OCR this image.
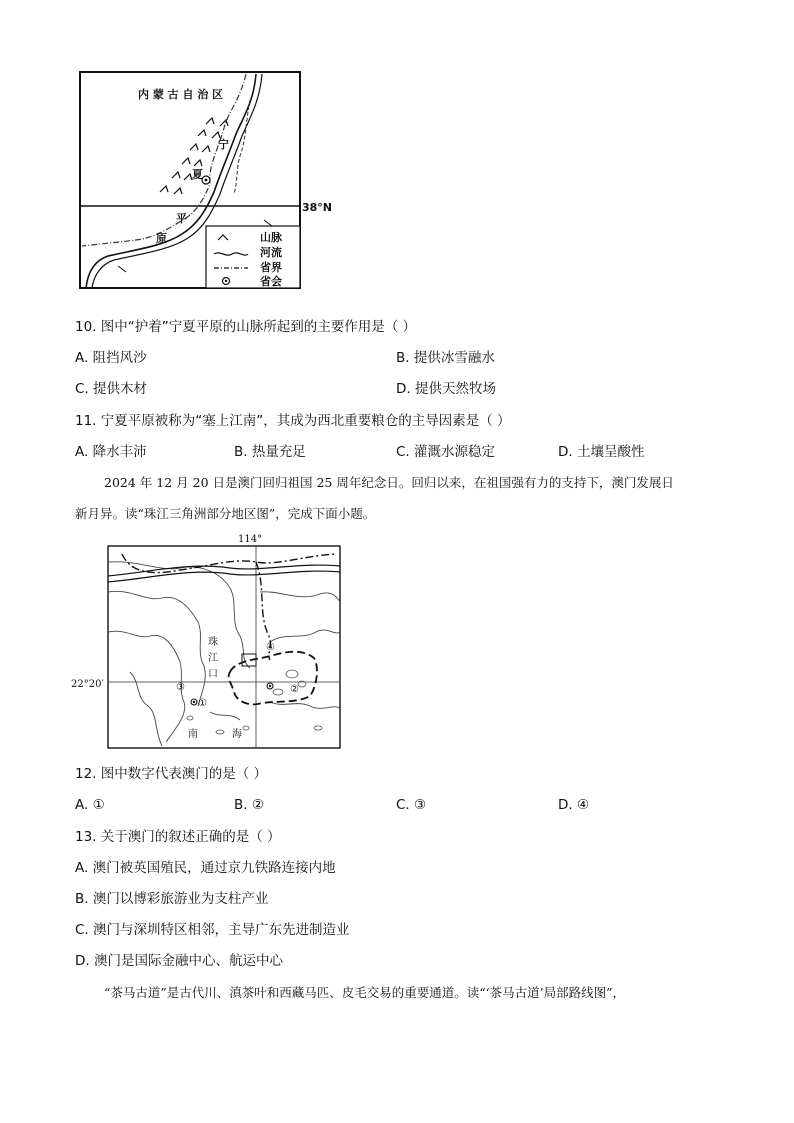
内 蒙 古 自 治 区
38°N
宁
夏
平
原	山脉
河流
省界
省会
10. 图中“护着”宁夏平原的山脉所起到的主要作用是（ ）
A. 阻挡风沙	B. 提供冰雪融水
C. 提供木材	D. 提供天然牧场
11. 宁夏平原被称为“塞上江南”，其成为西北重要粮仓的主导因素是（ ）
A. 降水丰沛	B. 热量充足	C. 灌溉水源稳定	D. 土壤呈酸性
2024 年 12 月 20 日是澳门回归祖国 25 周年纪念日。回归以来，在祖国强有力的支持下，澳门发展日
新月异。读“珠江三角洲部分地区图”，完成下面小题。
114°
22°20′
珠
江
口
南	海
①
②
③
④
12. 图中数字代表澳门的是（ ）
A. ①	B. ②	C. ③	D. ④
13. 关于澳门的叙述正确的是（ ）
A. 澳门被英国殖民，通过京九铁路连接内地
B. 澳门以博彩旅游业为支柱产业
C. 澳门与深圳特区相邻，主导广东先进制造业
D. 澳门是国际金融中心、航运中心
“茶马古道”是古代川、滇茶叶和西藏马匹、皮毛交易的重要通道。读“‘茶马古道’局部路线图”，
